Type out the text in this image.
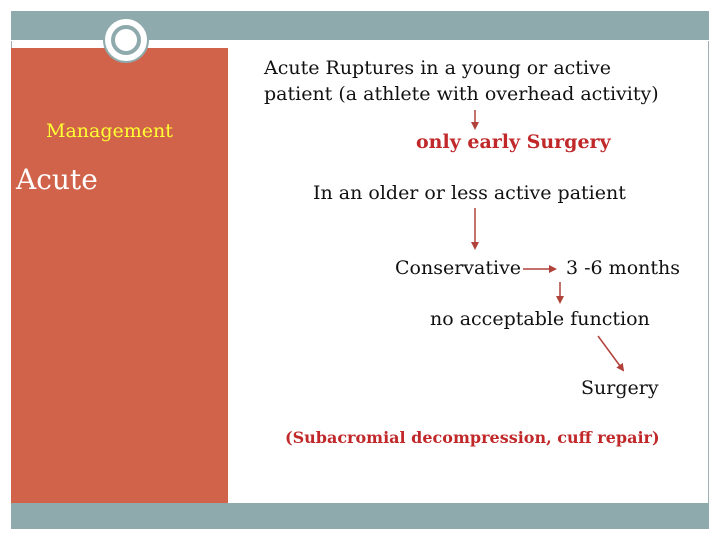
Management
Acute
Acute Ruptures in a young or active
patient (a athlete with overhead activity)
only early Surgery
In an older or less active patient
Conservative 3 -6 months
no acceptable function
Surgery
(Subacromial decompression, cuff repair)
